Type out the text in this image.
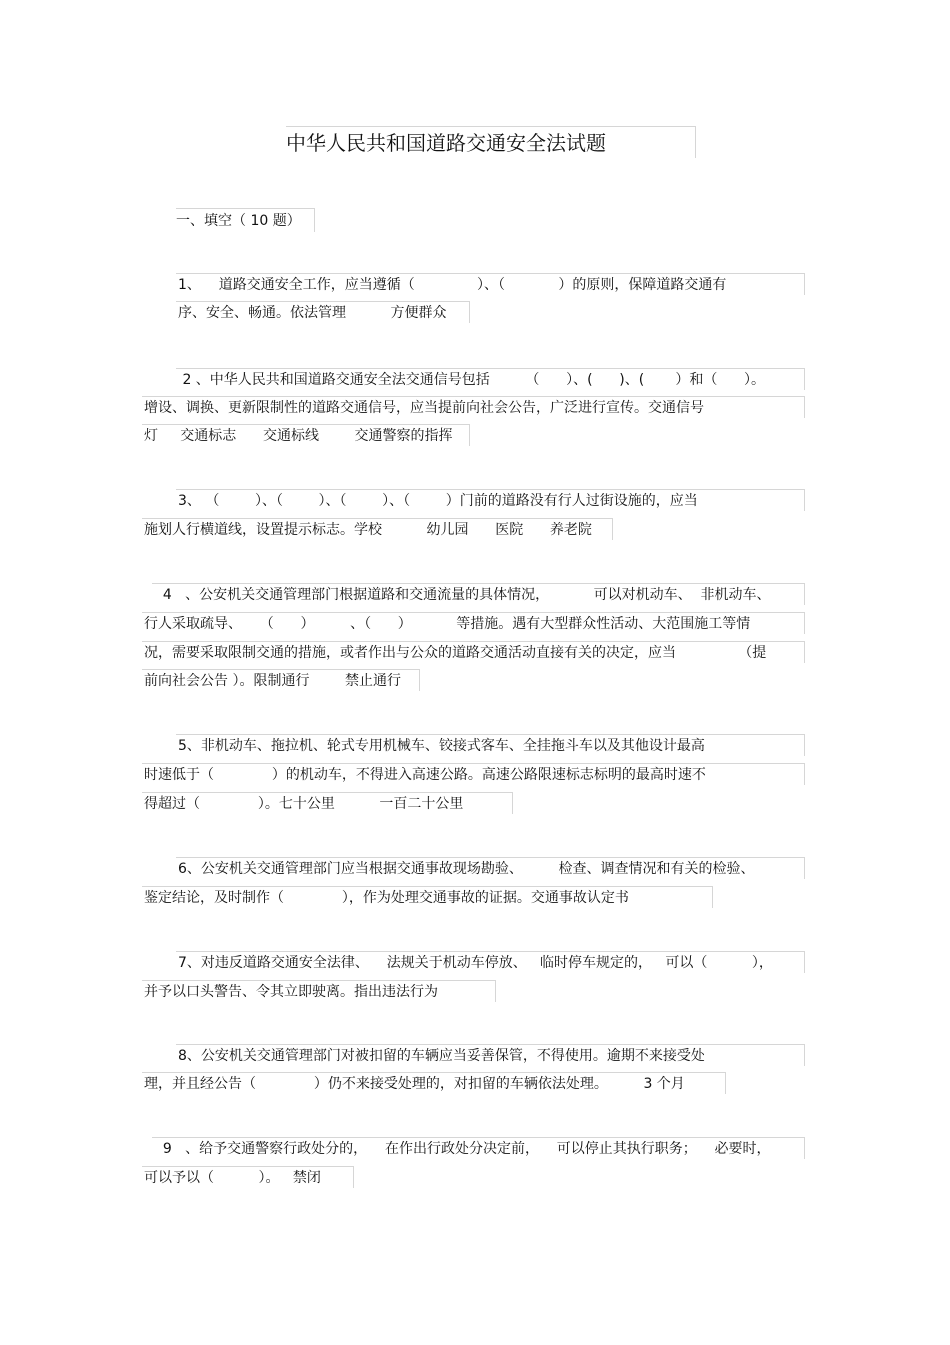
中华人民共和国道路交通安全法试题
一、填空（ 10 题）
1、    道路交通安全工作，应当遵循（              ）、（            ）的原则，保障道路交通有
序、安全、畅通。依法管理          方便群众
2 、中华人民共和国道路交通安全法交通信号包括        （      ）、(      )、(       ）和（      ）。
增设、调换、更新限制性的道路交通信号，应当提前向社会公告，广泛进行宣传。交通信号
灯     交通标志      交通标线        交通警察的指挥
3、 （        ）、（        ）、（        ）、（        ）门前的道路没有行人过街设施的，应当
施划人行横道线，设置提示标志。学校          幼儿园      医院      养老院
4   、公安机关交通管理部门根据道路和交通流量的具体情况，          可以对机动车、  非机动车、
行人采取疏导、    （      ）        、（      ）          等措施。遇有大型群众性活动、大范围施工等情
况，需要采取限制交通的措施，或者作出与公众的道路交通活动直接有关的决定，应当              （提
前向社会公告 ）。限制通行        禁止通行
5、非机动车、拖拉机、轮式专用机械车、铰接式客车、全挂拖斗车以及其他设计最高
时速低于（             ）的机动车，不得进入高速公路。高速公路限速标志标明的最高时速不
得超过（             ）。七十公里          一百二十公里
6、公安机关交通管理部门应当根据交通事故现场勘验、        检查、调查情况和有关的检验、
鉴定结论，及时制作（             ），作为处理交通事故的证据。交通事故认定书
7、对违反道路交通安全法律、    法规关于机动车停放、   临时停车规定的，   可以（          ），
并予以口头警告、令其立即驶离。指出违法行为
8、公安机关交通管理部门对被扣留的车辆应当妥善保管，不得使用。逾期不来接受处
理，并且经公告（             ）仍不来接受处理的，对扣留的车辆依法处理。        3 个月
9   、给予交通警察行政处分的，    在作出行政处分决定前，    可以停止其执行职务；    必要时，
可以予以（          ）。   禁闭
